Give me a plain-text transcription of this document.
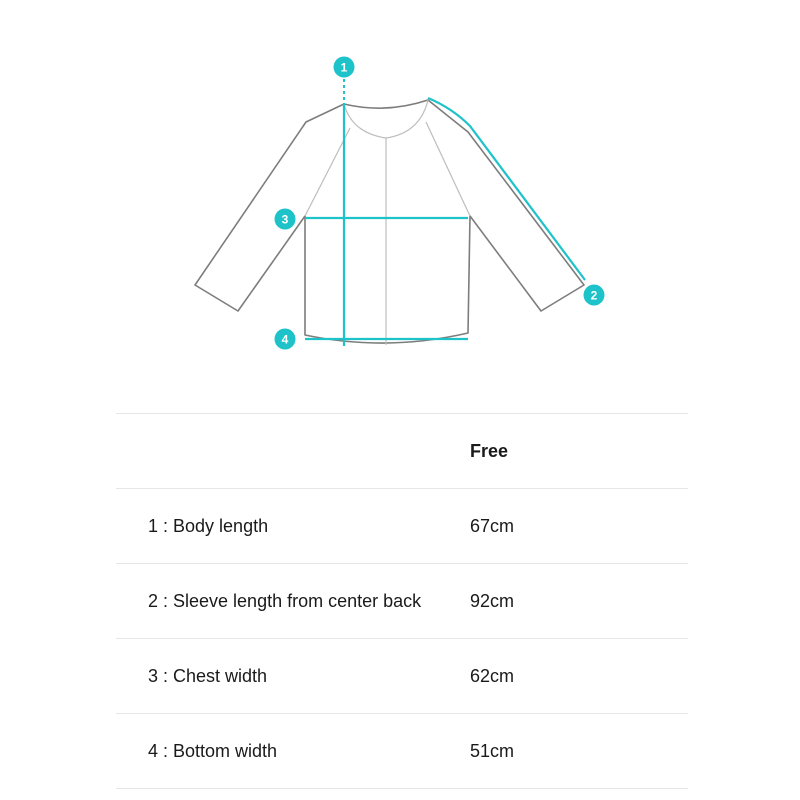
1
2
3
4
Free
1 : Body length	67cm
2 : Sleeve length from center back	92cm
3 : Chest width	62cm
4 : Bottom width	51cm
